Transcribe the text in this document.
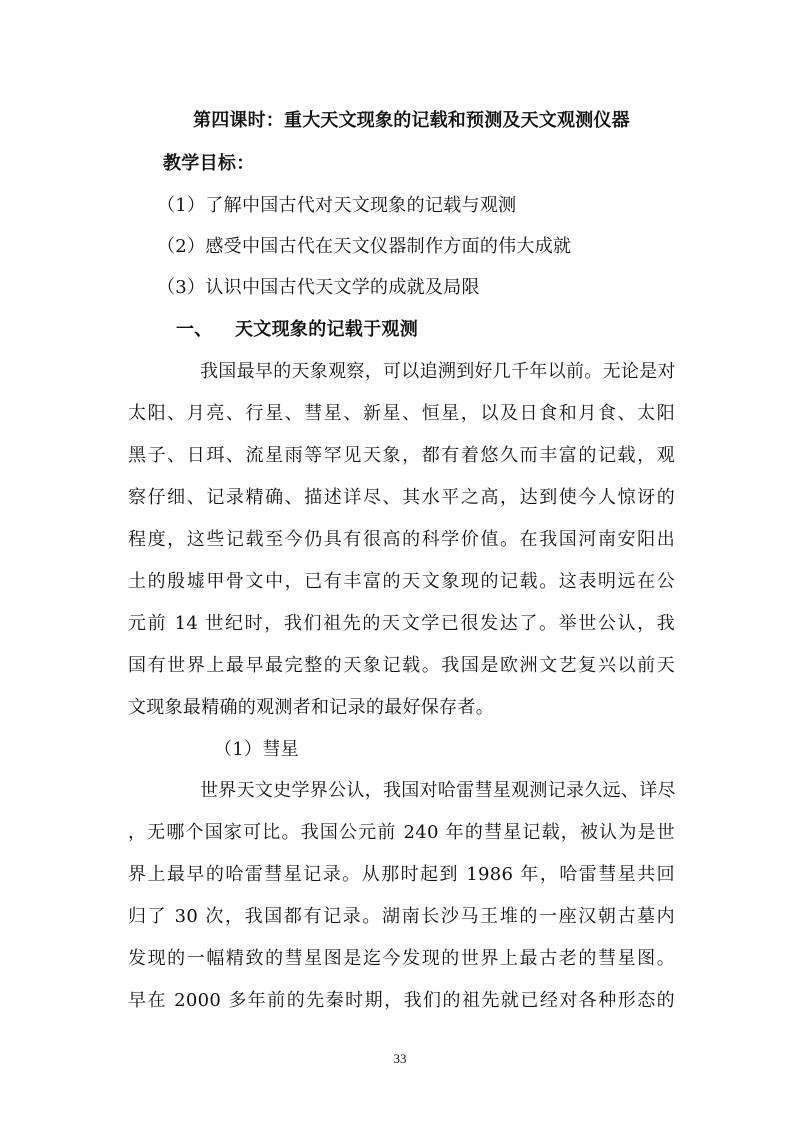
第四课时：重大天文现象的记载和预测及天文观测仪器
教学目标：
（1）了解中国古代对天文现象的记载与观测
（2）感受中国古代在天文仪器制作方面的伟大成就
（3）认识中国古代天文学的成就及局限
一、 天文现象的记载于观测
我国最早的天象观察，可以追溯到好几千年以前。无论是对
太阳、月亮、行星、彗星、新星、恒星，以及日食和月食、太阳
黑子、日珥、流星雨等罕见天象，都有着悠久而丰富的记载，观
察仔细、记录精确、描述详尽、其水平之高，达到使今人惊讶的
程度，这些记载至今仍具有很高的科学价值。在我国河南安阳出
土的殷墟甲骨文中，已有丰富的天文象现的记载。这表明远在公
元前 14 世纪时，我们祖先的天文学已很发达了。举世公认，我
国有世界上最早最完整的天象记载。我国是欧洲文艺复兴以前天
文现象最精确的观测者和记录的最好保存者。
（1）彗星
世界天文史学界公认，我国对哈雷彗星观测记录久远、详尽
，无哪个国家可比。我国公元前 240 年的彗星记载，被认为是世
界上最早的哈雷彗星记录。从那时起到 1986 年，哈雷彗星共回
归了 30 次，我国都有记录。湖南长沙马王堆的一座汉朝古墓内
发现的一幅精致的彗星图是迄今发现的世界上最古老的彗星图。
早在 2000 多年前的先秦时期，我们的祖先就已经对各种形态的
33
